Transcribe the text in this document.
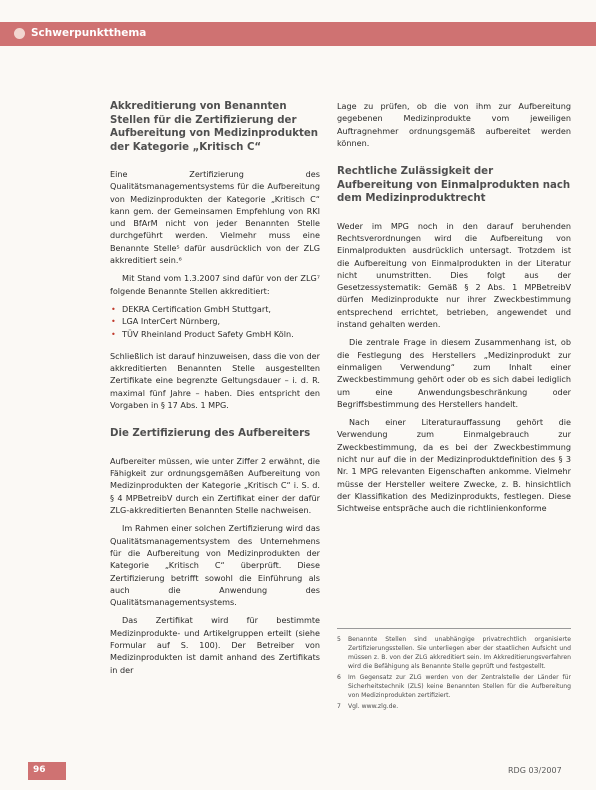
Schwerpunktthema
Akkreditierung von Benannten Stellen für die Zertifizierung der Aufbereitung von Medizinprodukten der Kategorie „Kritisch C“

Eine Zertifizierung des Qualitätsmanagementsystems für die Aufbereitung von Medizinprodukten der Kategorie „Kritisch C“ kann gem. der Gemeinsamen Empfehlung von RKI und BfArM nicht von jeder Benannten Stelle durchgeführt werden. Vielmehr muss eine Benannte Stelle⁵ dafür ausdrücklich von der ZLG akkreditiert sein.⁶

Mit Stand vom 1.3.2007 sind dafür von der ZLG⁷ folgende Benannte Stellen akkreditiert:

• DEKRA Certification GmbH Stuttgart,
• LGA InterCert Nürnberg,
• TÜV Rheinland Product Safety GmbH Köln.

Schließlich ist darauf hinzuweisen, dass die von der akkreditierten Benannten Stelle ausgestellten Zertifikate eine begrenzte Geltungsdauer – i. d. R. maximal fünf Jahre – haben. Dies entspricht den Vorgaben in § 17 Abs. 1 MPG.

Die Zertifizierung des Aufbereiters

Aufbereiter müssen, wie unter Ziffer 2 erwähnt, die Fähigkeit zur ordnungsgemäßen Aufbereitung von Medizinprodukten der Kategorie „Kritisch C“ i. S. d. § 4 MPBetreibV durch ein Zertifikat einer der dafür ZLG-akkreditierten Benannten Stelle nachweisen.

Im Rahmen einer solchen Zertifizierung wird das Qualitätsmanagementsystem des Unternehmens für die Aufbereitung von Medizinprodukten der Kategorie „Kritisch C“ überprüft. Diese Zertifizierung betrifft sowohl die Einführung als auch die Anwendung des Qualitätsmanagementsystems.

Das Zertifikat wird für bestimmte Medizinprodukte- und Artikelgruppen erteilt (siehe Formular auf S. 100). Der Betreiber von Medizinprodukten ist damit anhand des Zertifikats in der

Lage zu prüfen, ob die von ihm zur Aufbereitung gegebenen Medizinprodukte vom jeweiligen Auftragnehmer ordnungsgemäß aufbereitet werden können.

Rechtliche Zulässigkeit der Aufbereitung von Einmalprodukten nach dem Medizinproduktrecht

Weder im MPG noch in den darauf beruhenden Rechtsverordnungen wird die Aufbereitung von Einmalprodukten ausdrücklich untersagt. Trotzdem ist die Aufbereitung von Einmalprodukten in der Literatur nicht unumstritten. Dies folgt aus der Gesetzessystematik: Gemäß § 2 Abs. 1 MPBetreibV dürfen Medizinprodukte nur ihrer Zweckbestimmung entsprechend errichtet, betrieben, angewendet und instand gehalten werden.

Die zentrale Frage in diesem Zusammenhang ist, ob die Festlegung des Herstellers „Medizinprodukt zur einmaligen Verwendung“ zum Inhalt einer Zweckbestimmung gehört oder ob es sich dabei lediglich um eine Anwendungsbeschränkung oder Begriffsbestimmung des Herstellers handelt.

Nach einer Literaturauffassung gehört die Verwendung zum Einmalgebrauch zur Zweckbestimmung, da es bei der Zweckbestimmung nicht nur auf die in der Medizinproduktdefinition des § 3 Nr. 1 MPG relevanten Eigenschaften ankomme. Vielmehr müsse der Hersteller weitere Zwecke, z. B. hinsichtlich der Klassifikation des Medizinprodukts, festlegen. Diese Sichtweise entspräche auch die richtlinienkonforme

5	Benannte Stellen sind unabhängige privatrechtlich organisierte Zertifizierungsstellen. Sie unterliegen aber der staatlichen Aufsicht und müssen z. B. von der ZLG akkreditiert sein. Im Akkreditierungsverfahren wird die Befähigung als Benannte Stelle geprüft und festgestellt.
6	Im Gegensatz zur ZLG werden von der Zentralstelle der Länder für Sicherheitstechnik (ZLS) keine Benannten Stellen für die Aufbereitung von Medizinprodukten zertifiziert.
7	Vgl. www.zlg.de.
96	RDG 03/2007
